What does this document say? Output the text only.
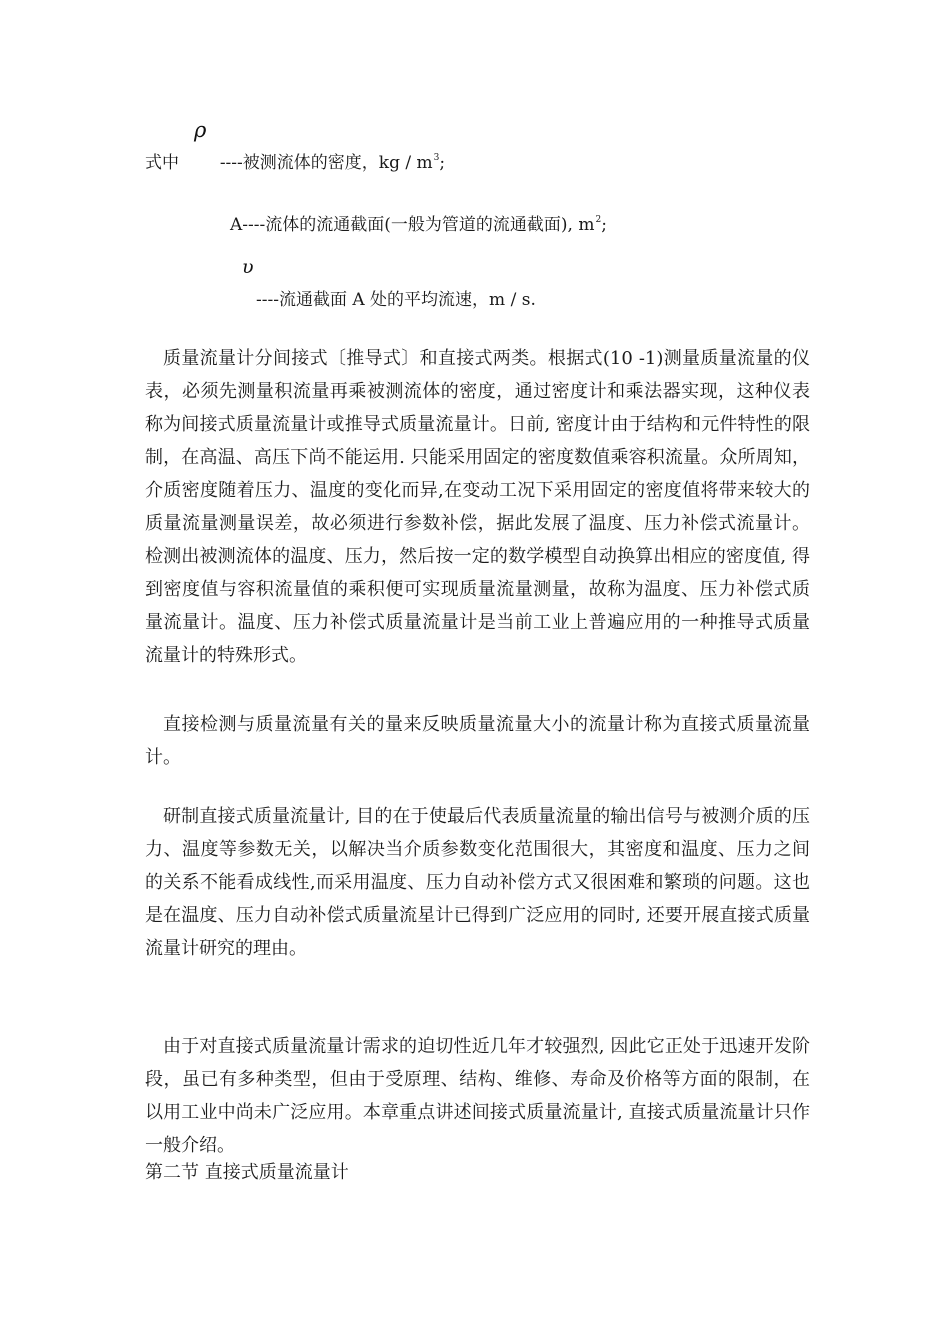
ρ
式中 ----被测流体的密度，kg / $m^3$;
A----流体的流通截面(一般为管道的流通截面), $m^2$;
υ
----流通截面 A 处的平均流速，m / s.
质量流量计分间接式〔推导式〕和直接式两类。根据式(10 -1)测量质量流量的仪表，必须先测量积流量再乘被测流体的密度，通过密度计和乘法器实现，这种仪表称为间接式质量流量计或推导式质量流量计。日前, 密度计由于结构和元件特性的限制，在高温、高压下尚不能运用. 只能采用固定的密度数值乘容积流量。众所周知，介质密度随着压力、温度的变化而异,在变动工况下采用固定的密度值将带来较大的质量流量测量误差，故必须进行参数补偿，据此发展了温度、压力补偿式流量计。检测出被测流体的温度、压力，然后按一定的数学模型自动换算出相应的密度值, 得到密度值与容积流量值的乘积便可实现质量流量测量，故称为温度、压力补偿式质量流量计。温度、压力补偿式质量流量计是当前工业上普遍应用的一种推导式质量流量计的特殊形式。
直接检测与质量流量有关的量来反映质量流量大小的流量计称为直接式质量流量计。
研制直接式质量流量计, 目的在于使最后代表质量流量的输出信号与被测介质的压力、温度等参数无关，以解决当介质参数变化范围很大，其密度和温度、压力之间的关系不能看成线性,而采用温度、压力自动补偿方式又很困难和繁琐的问题。这也是在温度、压力自动补偿式质量流星计已得到广泛应用的同时, 还要开展直接式质量流量计研究的理由。
由于对直接式质量流量计需求的迫切性近几年才较强烈, 因此它正处于迅速开发阶段，虽已有多种类型，但由于受原理、结构、维修、寿命及价格等方面的限制，在以用工业中尚未广泛应用。本章重点讲述间接式质量流量计, 直接式质量流量计只作一般介绍。
第二节 直接式质量流量计
